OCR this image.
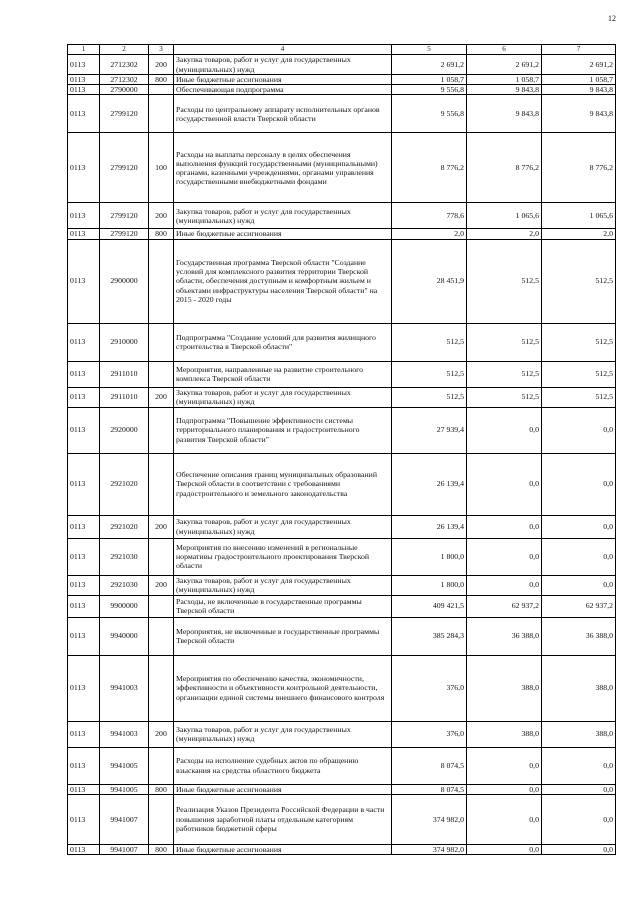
12
1	2	3	4	5	6	7
0113	2712302	200	Закупка товаров, работ и услуг для государственных (муниципальных) нужд	2 691,2	2 691,2	2 691,2
0113	2712302	800	Иные бюджетные ассигнования	1 058,7	1 058,7	1 058,7
0113	2790000		Обеспечивающая подпрограмма	9 556,8	9 843,8	9 843,8
0113	2799120		Расходы по центральному аппарату исполнительных органов государственной власти Тверской области	9 556,8	9 843,8	9 843,8
0113	2799120	100	Расходы на выплаты персоналу в целях обеспечения выполнения функций государственными (муниципальными) органами, казенными учреждениями, органами управления государственными внебюджетными фондами	8 776,2	8 776,2	8 776,2
0113	2799120	200	Закупка товаров, работ и услуг для государственных (муниципальных) нужд	778,6	1 065,6	1 065,6
0113	2799120	800	Иные бюджетные ассигнования	2,0	2,0	2,0
0113	2900000		Государственная программа Тверской области "Создание условий для комплексного развития территории Тверской области, обеспечения доступным и комфортным жильем и объектами инфраструктуры населения Тверской области" на 2015 - 2020 годы	28 451,9	512,5	512,5
0113	2910000		Подпрограмма "Создание условий для развития жилищного строительства в Тверской области"	512,5	512,5	512,5
0113	2911010		Мероприятия, направленные на развитие строительного комплекса Тверской области	512,5	512,5	512,5
0113	2911010	200	Закупка товаров, работ и услуг для государственных (муниципальных) нужд	512,5	512,5	512,5
0113	2920000		Подпрограмма "Повышение эффективности системы территориального планирования и градостроительного развития Тверской области"	27 939,4	0,0	0,0
0113	2921020		Обеспечение описания границ муниципальных образований Тверской области в соответствии с требованиями градостроительного и земельного законодательства	26 139,4	0,0	0,0
0113	2921020	200	Закупка товаров, работ и услуг для государственных (муниципальных) нужд	26 139,4	0,0	0,0
0113	2921030		Мероприятия по внесению изменений в региональные нормативы градостроительного проектирования Тверской области	1 800,0	0,0	0,0
0113	2921030	200	Закупка товаров, работ и услуг для государственных (муниципальных) нужд	1 800,0	0,0	0,0
0113	9900000		Расходы, не включенные в государственные программы Тверской области	409 421,5	62 937,2	62 937,2
0113	9940000		Мероприятия, не включенные в государственные программы Тверской области	385 284,3	36 388,0	36 388,0
0113	9941003		Мероприятия по обеспечению качества, экономичности, эффективности и объективности контрольной деятельности, организации единой системы внешнего финансового контроля	376,0	388,0	388,0
0113	9941003	200	Закупка товаров, работ и услуг для государственных (муниципальных) нужд	376,0	388,0	388,0
0113	9941005		Расходы на исполнение судебных актов по обращению взыскания на средства областного бюджета	8 074,5	0,0	0,0
0113	9941005	800	Иные бюджетные ассигнования	8 074,5	0,0	0,0
0113	9941007		Реализация Указов Президента Российской Федерации в части повышения заработной платы отдельным категориям работников бюджетной сферы	374 982,0	0,0	0,0
0113	9941007	800	Иные бюджетные ассигнования	374 982,0	0,0	0,0
